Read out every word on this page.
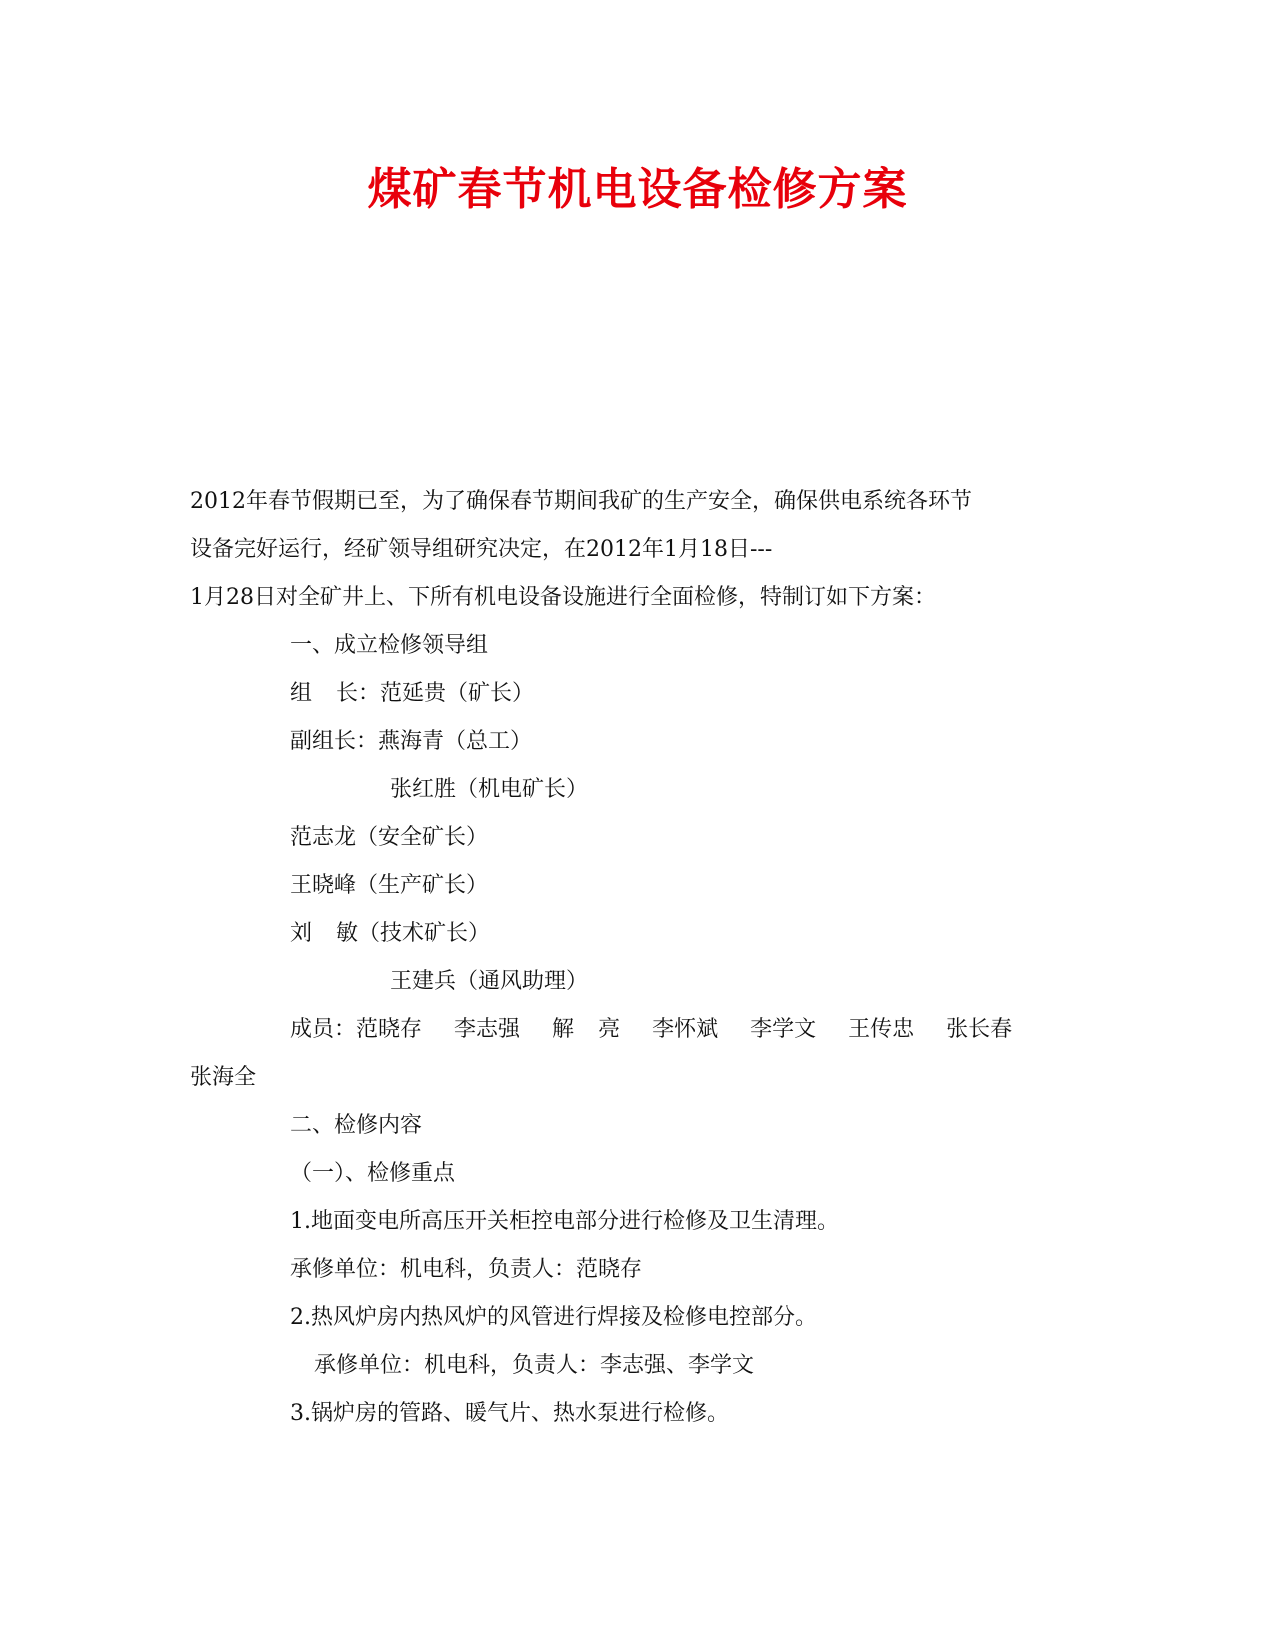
煤矿春节机电设备检修方案
2012年春节假期已至，为了确保春节期间我矿的生产安全，确保供电系统各环节
设备完好运行，经矿领导组研究决定，在2012年1月18日---
1月28日对全矿井上、下所有机电设备设施进行全面检修，特制订如下方案：
一、成立检修领导组
组 长：范延贵（矿长）
副组长：燕海青（总工）
张红胜（机电矿长）
范志龙（安全矿长）
王晓峰（生产矿长）
刘 敏（技术矿长）
王建兵（通风助理）
成员：范晓存 李志强 解 亮 李怀斌 李学文 王传忠 张长春
张海全
二、检修内容
（一）、检修重点
1.地面变电所高压开关柜控电部分进行检修及卫生清理。
承修单位：机电科，负责人：范晓存
2.热风炉房内热风炉的风管进行焊接及检修电控部分。
承修单位：机电科，负责人：李志强、李学文
3.锅炉房的管路、暖气片、热水泵进行检修。
